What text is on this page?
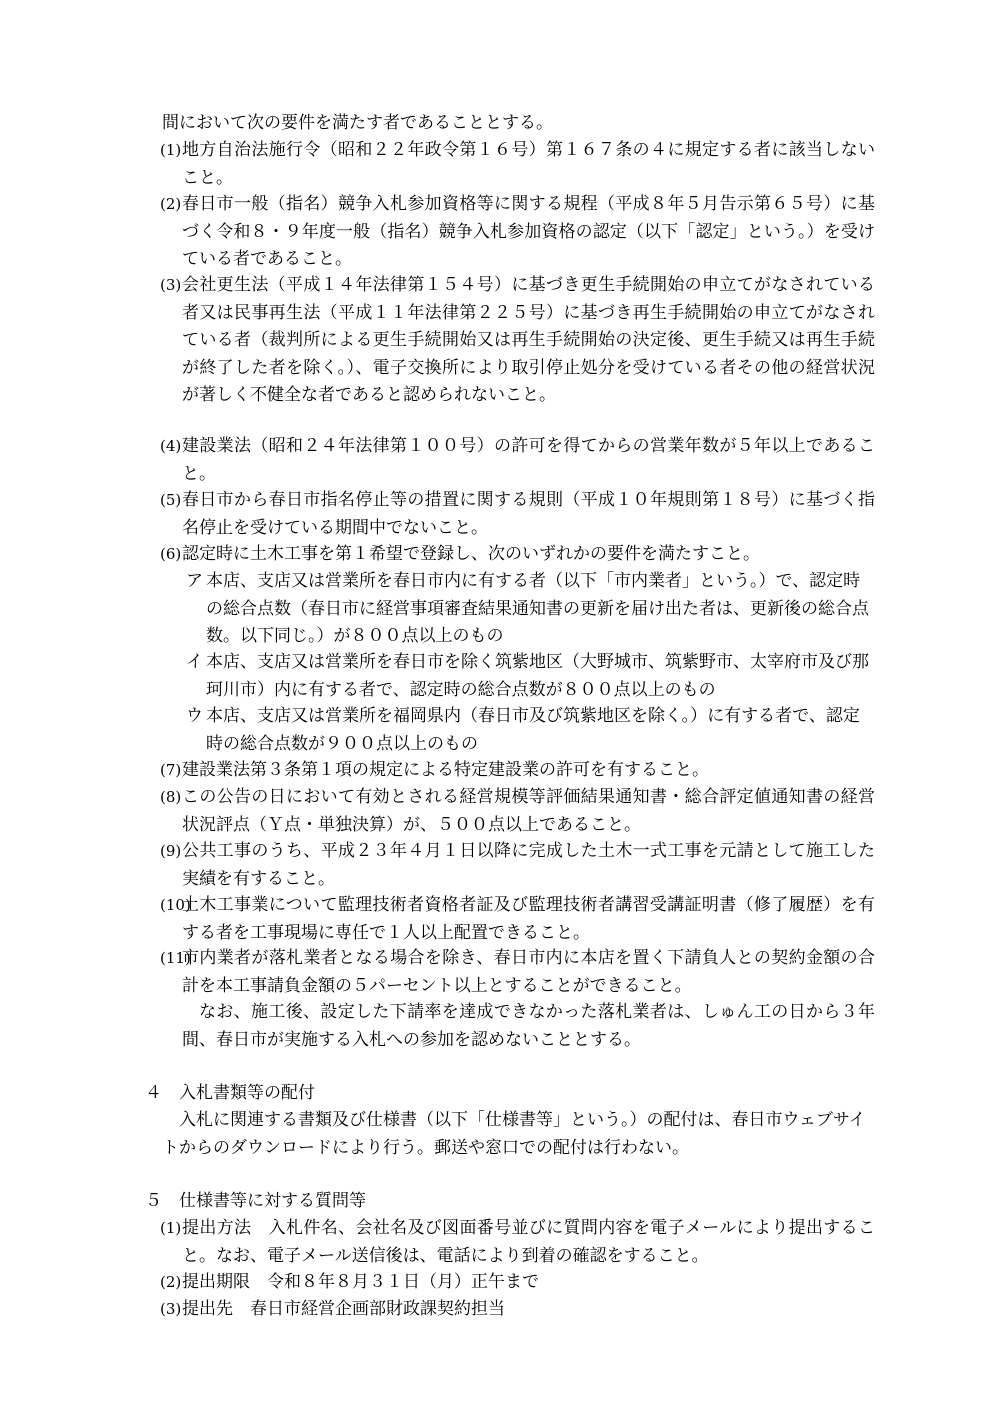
間において次の要件を満たす者であることとする。
(1) 地方自治法施行令（昭和２２年政令第１６号）第１６７条の４に規定する者に該当しないこと。
(2) 春日市一般（指名）競争入札参加資格等に関する規程（平成８年５月告示第６５号）に基づく令和８・９年度一般（指名）競争入札参加資格の認定（以下「認定」という。）を受けている者であること。
(3) 会社更生法（平成１４年法律第１５４号）に基づき更生手続開始の申立てがなされている者又は民事再生法（平成１１年法律第２２５号）に基づき再生手続開始の申立てがなされている者（裁判所による更生手続開始又は再生手続開始の決定後、更生手続又は再生手続が終了した者を除く。）、電子交換所により取引停止処分を受けている者その他の経営状況が著しく不健全な者であると認められないこと。
(4) 建設業法（昭和２４年法律第１００号）の許可を得てからの営業年数が５年以上であること。
(5) 春日市から春日市指名停止等の措置に関する規則（平成１０年規則第１８号）に基づく指名停止を受けている期間中でないこと。
(6) 認定時に土木工事を第１希望で登録し、次のいずれかの要件を満たすこと。
ア 本店、支店又は営業所を春日市内に有する者（以下「市内業者」という。）で、認定時の総合点数（春日市に経営事項審査結果通知書の更新を届け出た者は、更新後の総合点数。以下同じ。）が８００点以上のもの
イ 本店、支店又は営業所を春日市を除く筑紫地区（大野城市、筑紫野市、太宰府市及び那珂川市）内に有する者で、認定時の総合点数が８００点以上のもの
ウ 本店、支店又は営業所を福岡県内（春日市及び筑紫地区を除く。）に有する者で、認定時の総合点数が９００点以上のもの
(7) 建設業法第３条第１項の規定による特定建設業の許可を有すること。
(8) この公告の日において有効とされる経営規模等評価結果通知書・総合評定値通知書の経営状況評点（Ｙ点・単独決算）が、５００点以上であること。
(9) 公共工事のうち、平成２３年４月１日以降に完成した土木一式工事を元請として施工した実績を有すること。
(10)
土木工事業について監理技術者資格者証及び監理技術者講習受講証明書（修了履歴）を有する者を工事現場に専任で１人以上配置できること。
(11)
市内業者が落札業者となる場合を除き、春日市内に本店を置く下請負人との契約金額の合計を本工事請負金額の５パーセント以上とすることができること。
なお、施工後、設定した下請率を達成できなかった落札業者は、しゅん工の日から３年間、春日市が実施する入札への参加を認めないこととする。
４　入札書類等の配付
入札に関連する書類及び仕様書（以下「仕様書等」という。）の配付は、春日市ウェブサイトからのダウンロードにより行う。郵送や窓口での配付は行わない。
５　仕様書等に対する質問等
(1) 提出方法　入札件名、会社名及び図面番号並びに質問内容を電子メールにより提出すること。なお、電子メール送信後は、電話により到着の確認をすること。
(2) 提出期限　令和８年８月３１日（月）正午まで
(3) 提出先　春日市経営企画部財政課契約担当
